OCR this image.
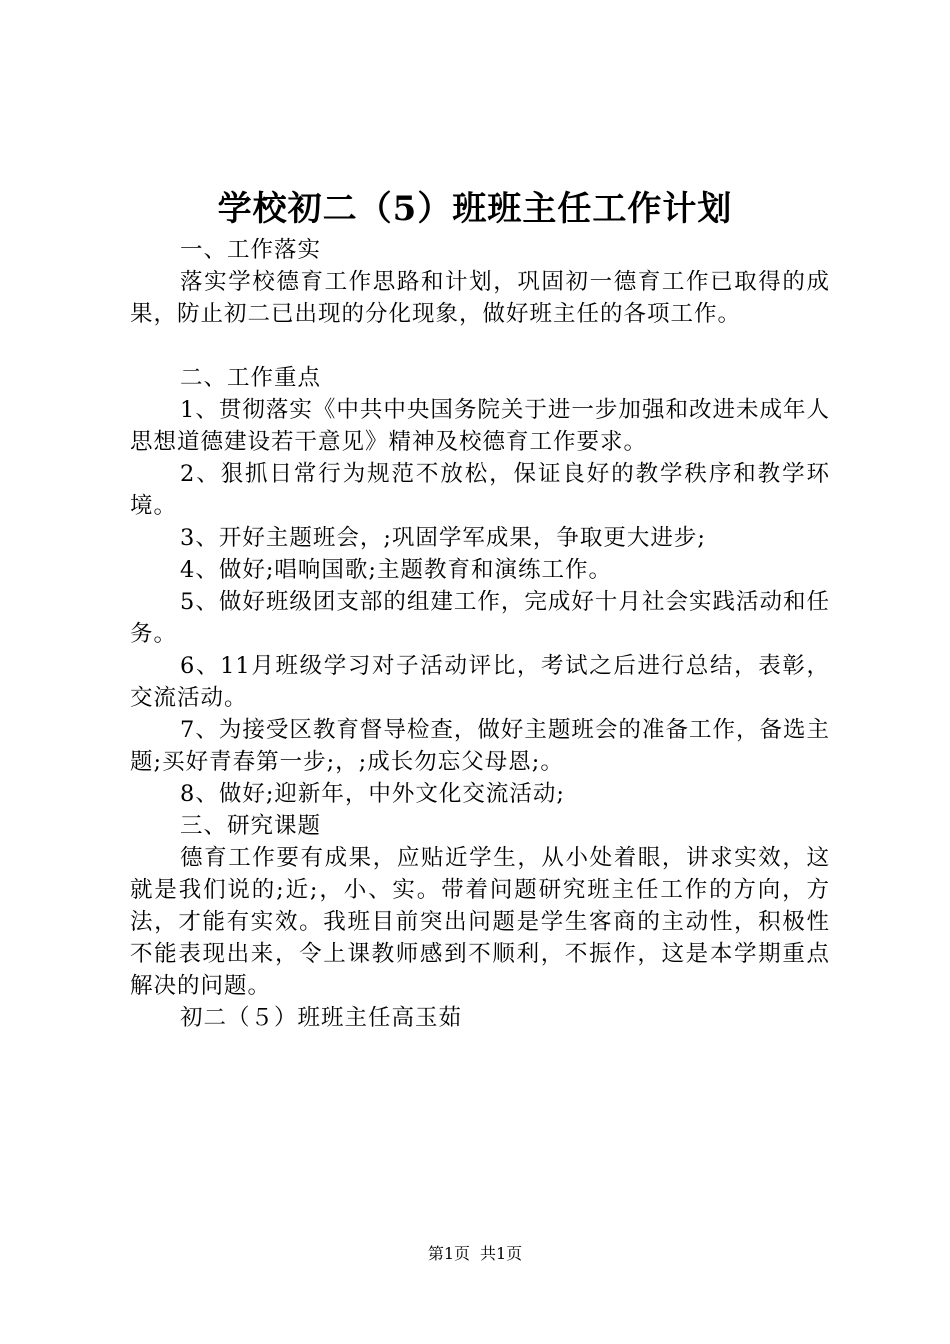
学校初二（5）班班主任工作计划

一、工作落实

落实学校德育工作思路和计划，巩固初一德育工作已取得的成果，防止初二已出现的分化现象，做好班主任的各项工作。

二、工作重点

1、贯彻落实《中共中央国务院关于进一步加强和改进未成年人思想道德建设若干意见》精神及校德育工作要求。

2、狠抓日常行为规范不放松，保证良好的教学秩序和教学环境。

3、开好主题班会，;巩固学军成果，争取更大进步;

4、做好;唱响国歌;主题教育和演练工作。

5、做好班级团支部的组建工作，完成好十月社会实践活动和任务。

6、11月班级学习对子活动评比，考试之后进行总结，表彰，交流活动。

7、为接受区教育督导检查，做好主题班会的准备工作，备选主题;买好青春第一步;，;成长勿忘父母恩;。

8、做好;迎新年，中外文化交流活动;

三、研究课题

德育工作要有成果，应贴近学生，从小处着眼，讲求实效，这就是我们说的;近;，小、实。带着问题研究班主任工作的方向，方法，才能有实效。我班目前突出问题是学生客商的主动性，积极性不能表现出来，令上课教师感到不顺利，不振作，这是本学期重点解决的问题。

初二（５）班班主任高玉茹

第1页 共1页
